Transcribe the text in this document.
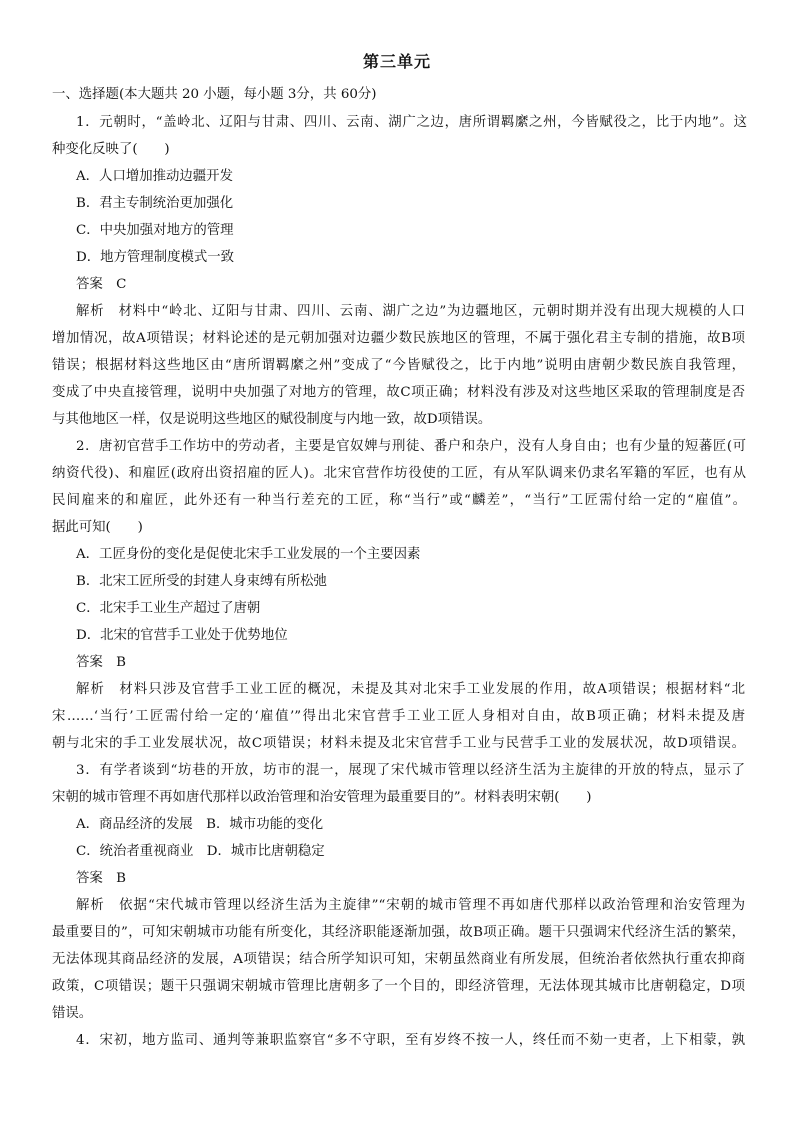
第三单元
一、选择题(本大题共 20 小题，每小题 3分，共 60分)
1．元朝时，“盖岭北、辽阳与甘肃、四川、云南、湖广之边，唐所谓羁縻之州，今皆赋役之，比于内地”。这
种变化反映了(　　)
A．人口增加推动边疆开发
B．君主专制统治更加强化
C．中央加强对地方的管理
D．地方管理制度模式一致
答案　C
解析　材料中“岭北、辽阳与甘肃、四川、云南、湖广之边”为边疆地区，元朝时期并没有出现大规模的人口
增加情况，故A项错误；材料论述的是元朝加强对边疆少数民族地区的管理，不属于强化君主专制的措施，故B项
错误；根据材料这些地区由“唐所谓羁縻之州”变成了“今皆赋役之，比于内地”说明由唐朝少数民族自我管理，
变成了中央直接管理，说明中央加强了对地方的管理，故C项正确；材料没有涉及对这些地区采取的管理制度是否
与其他地区一样，仅是说明这些地区的赋役制度与内地一致，故D项错误。
2．唐初官营手工作坊中的劳动者，主要是官奴婢与刑徒、番户和杂户，没有人身自由；也有少量的短蕃匠(可
纳资代役)、和雇匠(政府出资招雇的匠人)。北宋官营作坊役使的工匠，有从军队调来仍隶名军籍的军匠，也有从
民间雇来的和雇匠，此外还有一种当行差充的工匠，称“当行”或“麟差”，“当行”工匠需付给一定的“雇值”。
据此可知(　　)
A．工匠身份的变化是促使北宋手工业发展的一个主要因素
B．北宋工匠所受的封建人身束缚有所松弛
C．北宋手工业生产超过了唐朝
D．北宋的官营手工业处于优势地位
答案　B
解析　材料只涉及官营手工业工匠的概况，未提及其对北宋手工业发展的作用，故A项错误；根据材料“北
宋……‘当行’工匠需付给一定的‘雇值’”得出北宋官营手工业工匠人身相对自由，故B项正确；材料未提及唐
朝与北宋的手工业发展状况，故C项错误；材料未提及北宋官营手工业与民营手工业的发展状况，故D项错误。
3．有学者谈到“坊巷的开放，坊市的混一，展现了宋代城市管理以经济生活为主旋律的开放的特点，显示了
宋朝的城市管理不再如唐代那样以政治管理和治安管理为最重要目的”。材料表明宋朝(　　)
A．商品经济的发展　B．城市功能的变化
C．统治者重视商业　D．城市比唐朝稳定
答案　B
解析　依据“宋代城市管理以经济生活为主旋律”“宋朝的城市管理不再如唐代那样以政治管理和治安管理为
最重要目的”，可知宋朝城市功能有所变化，其经济职能逐渐加强，故B项正确。题干只强调宋代经济生活的繁荣，
无法体现其商品经济的发展，A项错误；结合所学知识可知，宋朝虽然商业有所发展，但统治者依然执行重农抑商
政策，C项错误；题干只强调宋朝城市管理比唐朝多了一个目的，即经济管理，无法体现其城市比唐朝稳定，D项
错误。
4．宋初，地方监司、通判等兼职监察官“多不守职，至有岁终不按一人，终任而不劾一吏者，上下相蒙，孰
